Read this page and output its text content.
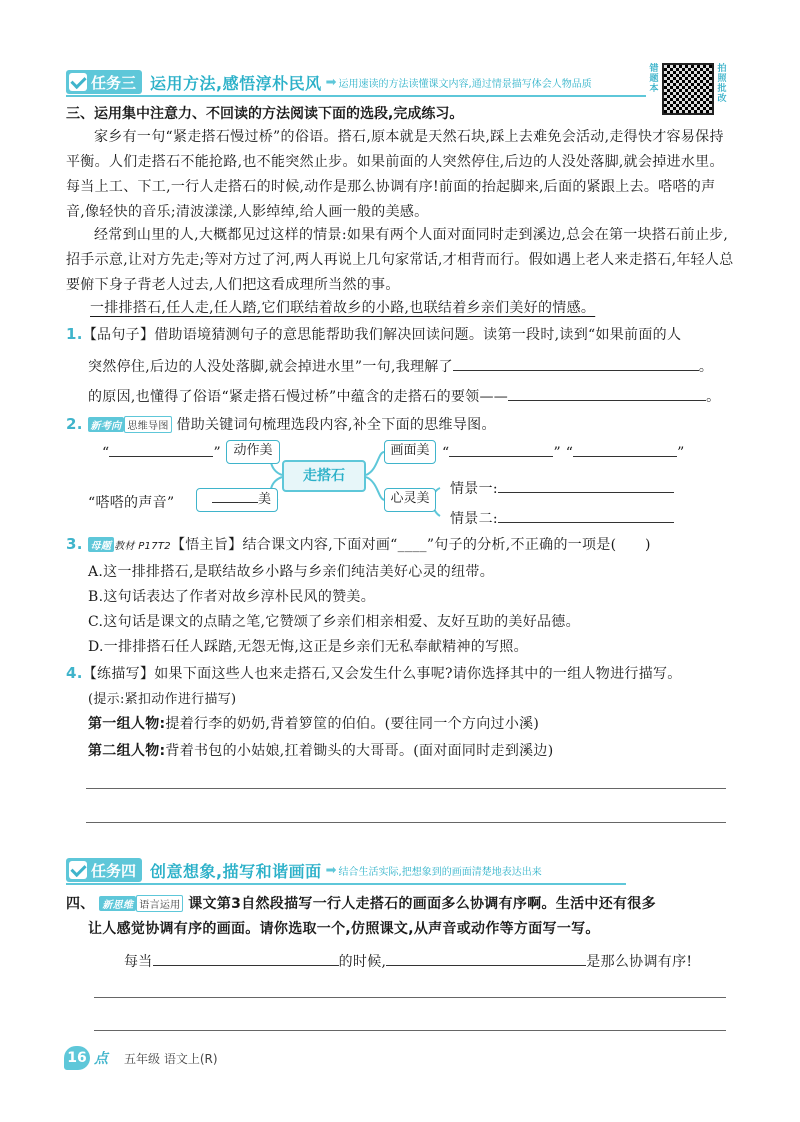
任务三 运用方法,感悟淳朴民风 ➡ 运用速读的方法读懂课文内容,通过情景描写体会人物品质
错题本
拍照批改
三、运用集中注意力、不回读的方法阅读下面的选段,完成练习。
家乡有一句“紧走搭石慢过桥”的俗语。搭石,原本就是天然石块,踩上去难免会活动,走得快才容易保持平衡。人们走搭石不能抢路,也不能突然止步。如果前面的人突然停住,后边的人没处落脚,就会掉进水里。每当上工、下工,一行人走搭石的时候,动作是那么协调有序!前面的抬起脚来,后面的紧跟上去。嗒嗒的声音,像轻快的音乐;清波漾漾,人影绰绰,给人画一般的美感。
经常到山里的人,大概都见过这样的情景:如果有两个人面对面同时走到溪边,总会在第一块搭石前止步,招手示意,让对方先走;等对方过了河,两人再说上几句家常话,才相背而行。假如遇上老人来走搭石,年轻人总要俯下身子背老人过去,人们把这看成理所当然的事。
一排排搭石,任人走,任人踏,它们联结着故乡的小路,也联结着乡亲们美好的情感。
1.【品句子】借助语境猜测句子的意思能帮助我们解决回读问题。读第一段时,读到“如果前面的人
突然停住,后边的人没处落脚,就会掉进水里”一句,我理解了	。
的原因,也懂得了俗语“紧走搭石慢过桥”中蕴含的走搭石的要领——	。
2. 新考向 思维导图 借助关键词句梳理选段内容,补全下面的思维导图。
“	” 动作美
走搭石
画面美 “	” “	”
“嗒嗒的声音”	美	心灵美
情景一:
情景二:
3. 母题 教材 P17T2【悟主旨】结合课文内容,下面对画“____”句子的分析,不正确的一项是(　　)
A.这一排排搭石,是联结故乡小路与乡亲们纯洁美好心灵的纽带。
B.这句话表达了作者对故乡淳朴民风的赞美。
C.这句话是课文的点睛之笔,它赞颂了乡亲们相亲相爱、友好互助的美好品德。
D.一排排搭石任人踩踏,无怨无悔,这正是乡亲们无私奉献精神的写照。
4.【练描写】如果下面这些人也来走搭石,又会发生什么事呢?请你选择其中的一组人物进行描写。
(提示:紧扣动作进行描写)
第一组人物:提着行李的奶奶,背着箩筐的伯伯。(要往同一个方向过小溪)
第二组人物:背着书包的小姑娘,扛着锄头的大哥哥。(面对面同时走到溪边)
任务四 创意想象,描写和谐画面 ➡ 结合生活实际,把想象到的画面清楚地表达出来
四、 新思维 语言运用 课文第3自然段描写一行人走搭石的画面多么协调有序啊。生活中还有很多
让人感觉协调有序的画面。请你选取一个,仿照课文,从声音或动作等方面写一写。
每当	的时候,	是那么协调有序!
16 点 五年级 语文上(R)
